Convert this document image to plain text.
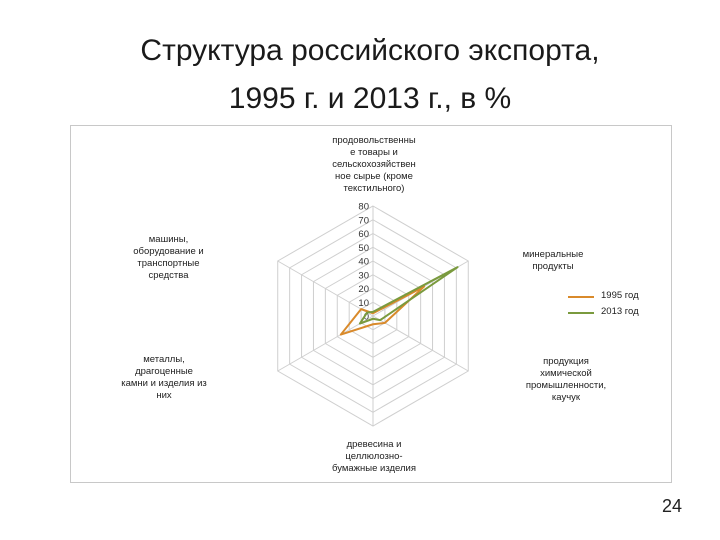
Структура российского экспорта,
1995 г. и 2013 г., в %
0
10
20
30
40
50
60
70
80
продовольственны
е товары и
сельскохозяйствен
ное сырье (кроме
текстильного)
минеральные
продукты
продукция
химической
промышленности,
каучук
древесина и
целлюлозно-
бумажные изделия
металлы,
драгоценные
камни и изделия из
них
машины,
оборудование и
транспортные
средства
1995 год
2013 год
24
